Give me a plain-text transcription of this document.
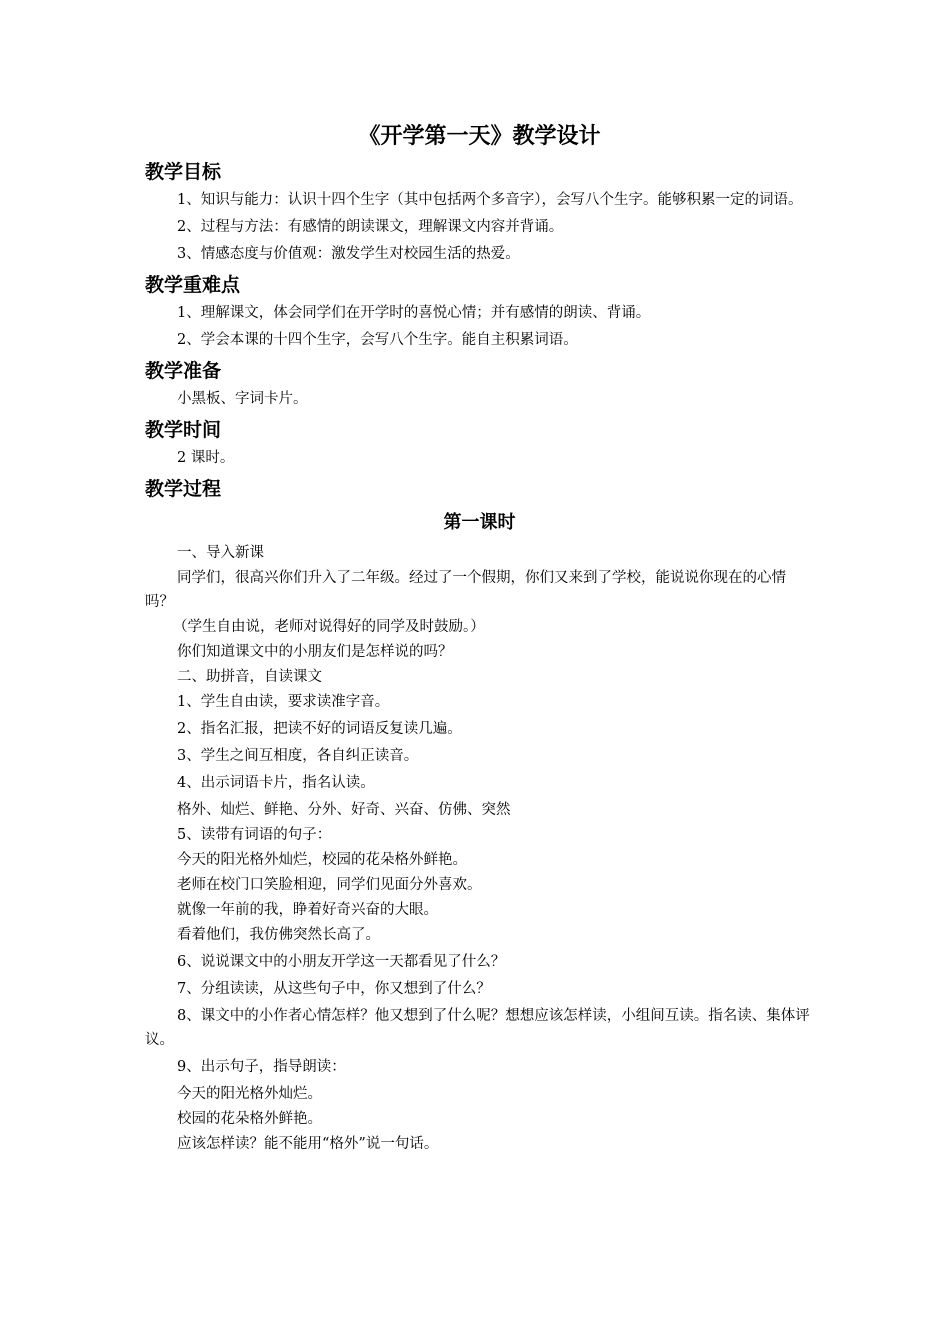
《开学第一天》教学设计
教学目标

1、知识与能力：认识十四个生字（其中包括两个多音字），会写八个生字。能够积累一定的词语。

2、过程与方法：有感情的朗读课文，理解课文内容并背诵。

3、情感态度与价值观：激发学生对校园生活的热爱。

教学重难点

1、理解课文，体会同学们在开学时的喜悦心情；并有感情的朗读、背诵。

2、学会本课的十四个生字，会写八个生字。能自主积累词语。

教学准备

小黑板、字词卡片。

教学时间

2 课时。

教学过程
第一课时

一、导入新课

同学们，很高兴你们升入了二年级。经过了一个假期，你们又来到了学校，能说说你现在的心情吗？

（学生自由说，老师对说得好的同学及时鼓励。）

你们知道课文中的小朋友们是怎样说的吗？

二、助拼音，自读课文

1、学生自由读，要求读准字音。

2、指名汇报，把读不好的词语反复读几遍。

3、学生之间互相度，各自纠正读音。

4、出示词语卡片，指名认读。

格外、灿烂、鲜艳、分外、好奇、兴奋、仿佛、突然

5、读带有词语的句子：

今天的阳光格外灿烂，校园的花朵格外鲜艳。

老师在校门口笑脸相迎，同学们见面分外喜欢。

就像一年前的我，睁着好奇兴奋的大眼。

看着他们，我仿佛突然长高了。

6、说说课文中的小朋友开学这一天都看见了什么？

7、分组读读，从这些句子中，你又想到了什么？

8、课文中的小作者心情怎样？他又想到了什么呢？想想应该怎样读，小组间互读。指名读、集体评议。

9、出示句子，指导朗读：

今天的阳光格外灿烂。

校园的花朵格外鲜艳。

应该怎样读？能不能用“格外”说一句话。
